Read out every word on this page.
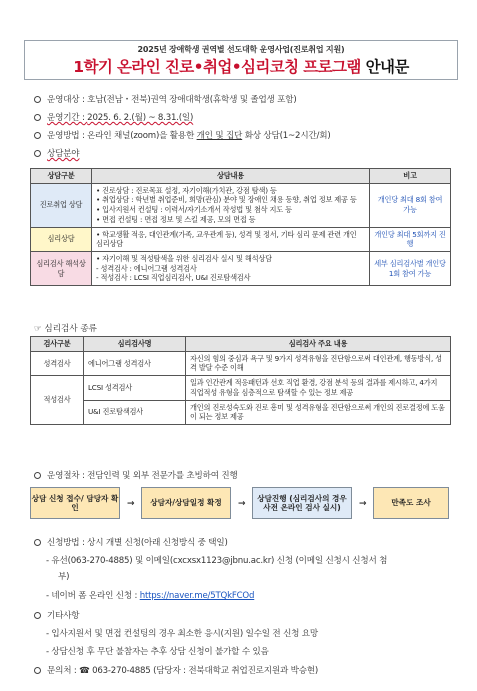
2025년 장애학생 권역별 선도대학 운영사업(진로취업 지원)
1학기 온라인 진로•취업•심리코칭 프로그램 안내문
운영대상 : 호남(전남・전북)권역 장애대학생(휴학생 및 졸업생 포함)
운영기간 : 2025. 6. 2.(월) ~ 8.31.(일)
운영방법 : 온라인 채널(zoom)을 활용한 개인 및 집단 화상 상담(1~2시간/회)
상담분야
상담구분	상담내용	비고
진로취업 상담	• 진로상담 : 진로목표 설정, 자기이해(가치관, 강점 탐색) 등
• 취업상담 : 학년별 취업준비, 희망(관심) 분야 및 장애인 채용 동향, 취업 정보 제공 등
• 입사지원서 컨설팅 : 이력서/자기소개서 작성법 및 첨삭 지도 등
• 면접 컨설팅 : 면접 정보 및 스킬 제공, 모의 면접 등	개인당 최대 8회 참여 가능
심리상담	• 학교생활 적응, 대인관계(가족, 교우관계 등), 성격 및 정서, 기타 심리 문제 관련 개인 심리상담	개인당 최대 5회까지 진행
심리검사 해석상담	• 자기이해 및 적성탐색을 위한 심리검사 실시 및 해석상담
- 성격검사 : 에니어그램 성격검사
- 적성검사 : LCSI 직업심리검사, U&I 진로탐색검사	세부 심리검사별 개인당 1회 참여 가능
☞ 심리검사 종류
검사구분	심리검사명	심리검사 주요 내용
성격검사	에니어그램 성격검사	자신의 힘의 중심과 욕구 및 9가지 성격유형을 진단함으로써 대인관계, 행동방식, 성격 발달 수준 이해
적성검사	LCSI 성격검사	일과 인간관계 적응패턴과 선호 직업 환경, 강점 분석 등의 결과를 제시하고, 4가지 직업적성 유형을 심층적으로 탐색할 수 있는 정보 제공
	U&I 진로탐색검사	개인의 진로성숙도와 진로 흥미 및 성격유형을 진단함으로써 개인의 진로결정에 도움이 되는 정보 제공
운영절차 : 전담인력 및 외부 전문가를 초빙하여 진행
상담 신청 접수/ 담당자 확인	→	상담자/상담일정 확정	→
상담진행 (심리검사의 경우 사전 온라인 검사 실시)	→	만족도 조사
신청방법 : 상시 개별 신청(아래 신청방식 중 택일)
- 유선(063-270-4885) 및 이메일(cxcxsx1123@jbnu.ac.kr) 신청 (이메일 신청시 신청서 첨
부)
- 네이버 폼 온라인 신청 : https://naver.me/5TQkFCOd
기타사항
- 입사지원서 및 면접 컨설팅의 경우 최소한 응시(지원) 일수일 전 신청 요망
- 상담신청 후 무단 불참자는 추후 상담 신청이 불가할 수 있음
문의처 : ☎ 063-270-4885 (담당자 : 전북대학교 취업진로지원과 박승현)
